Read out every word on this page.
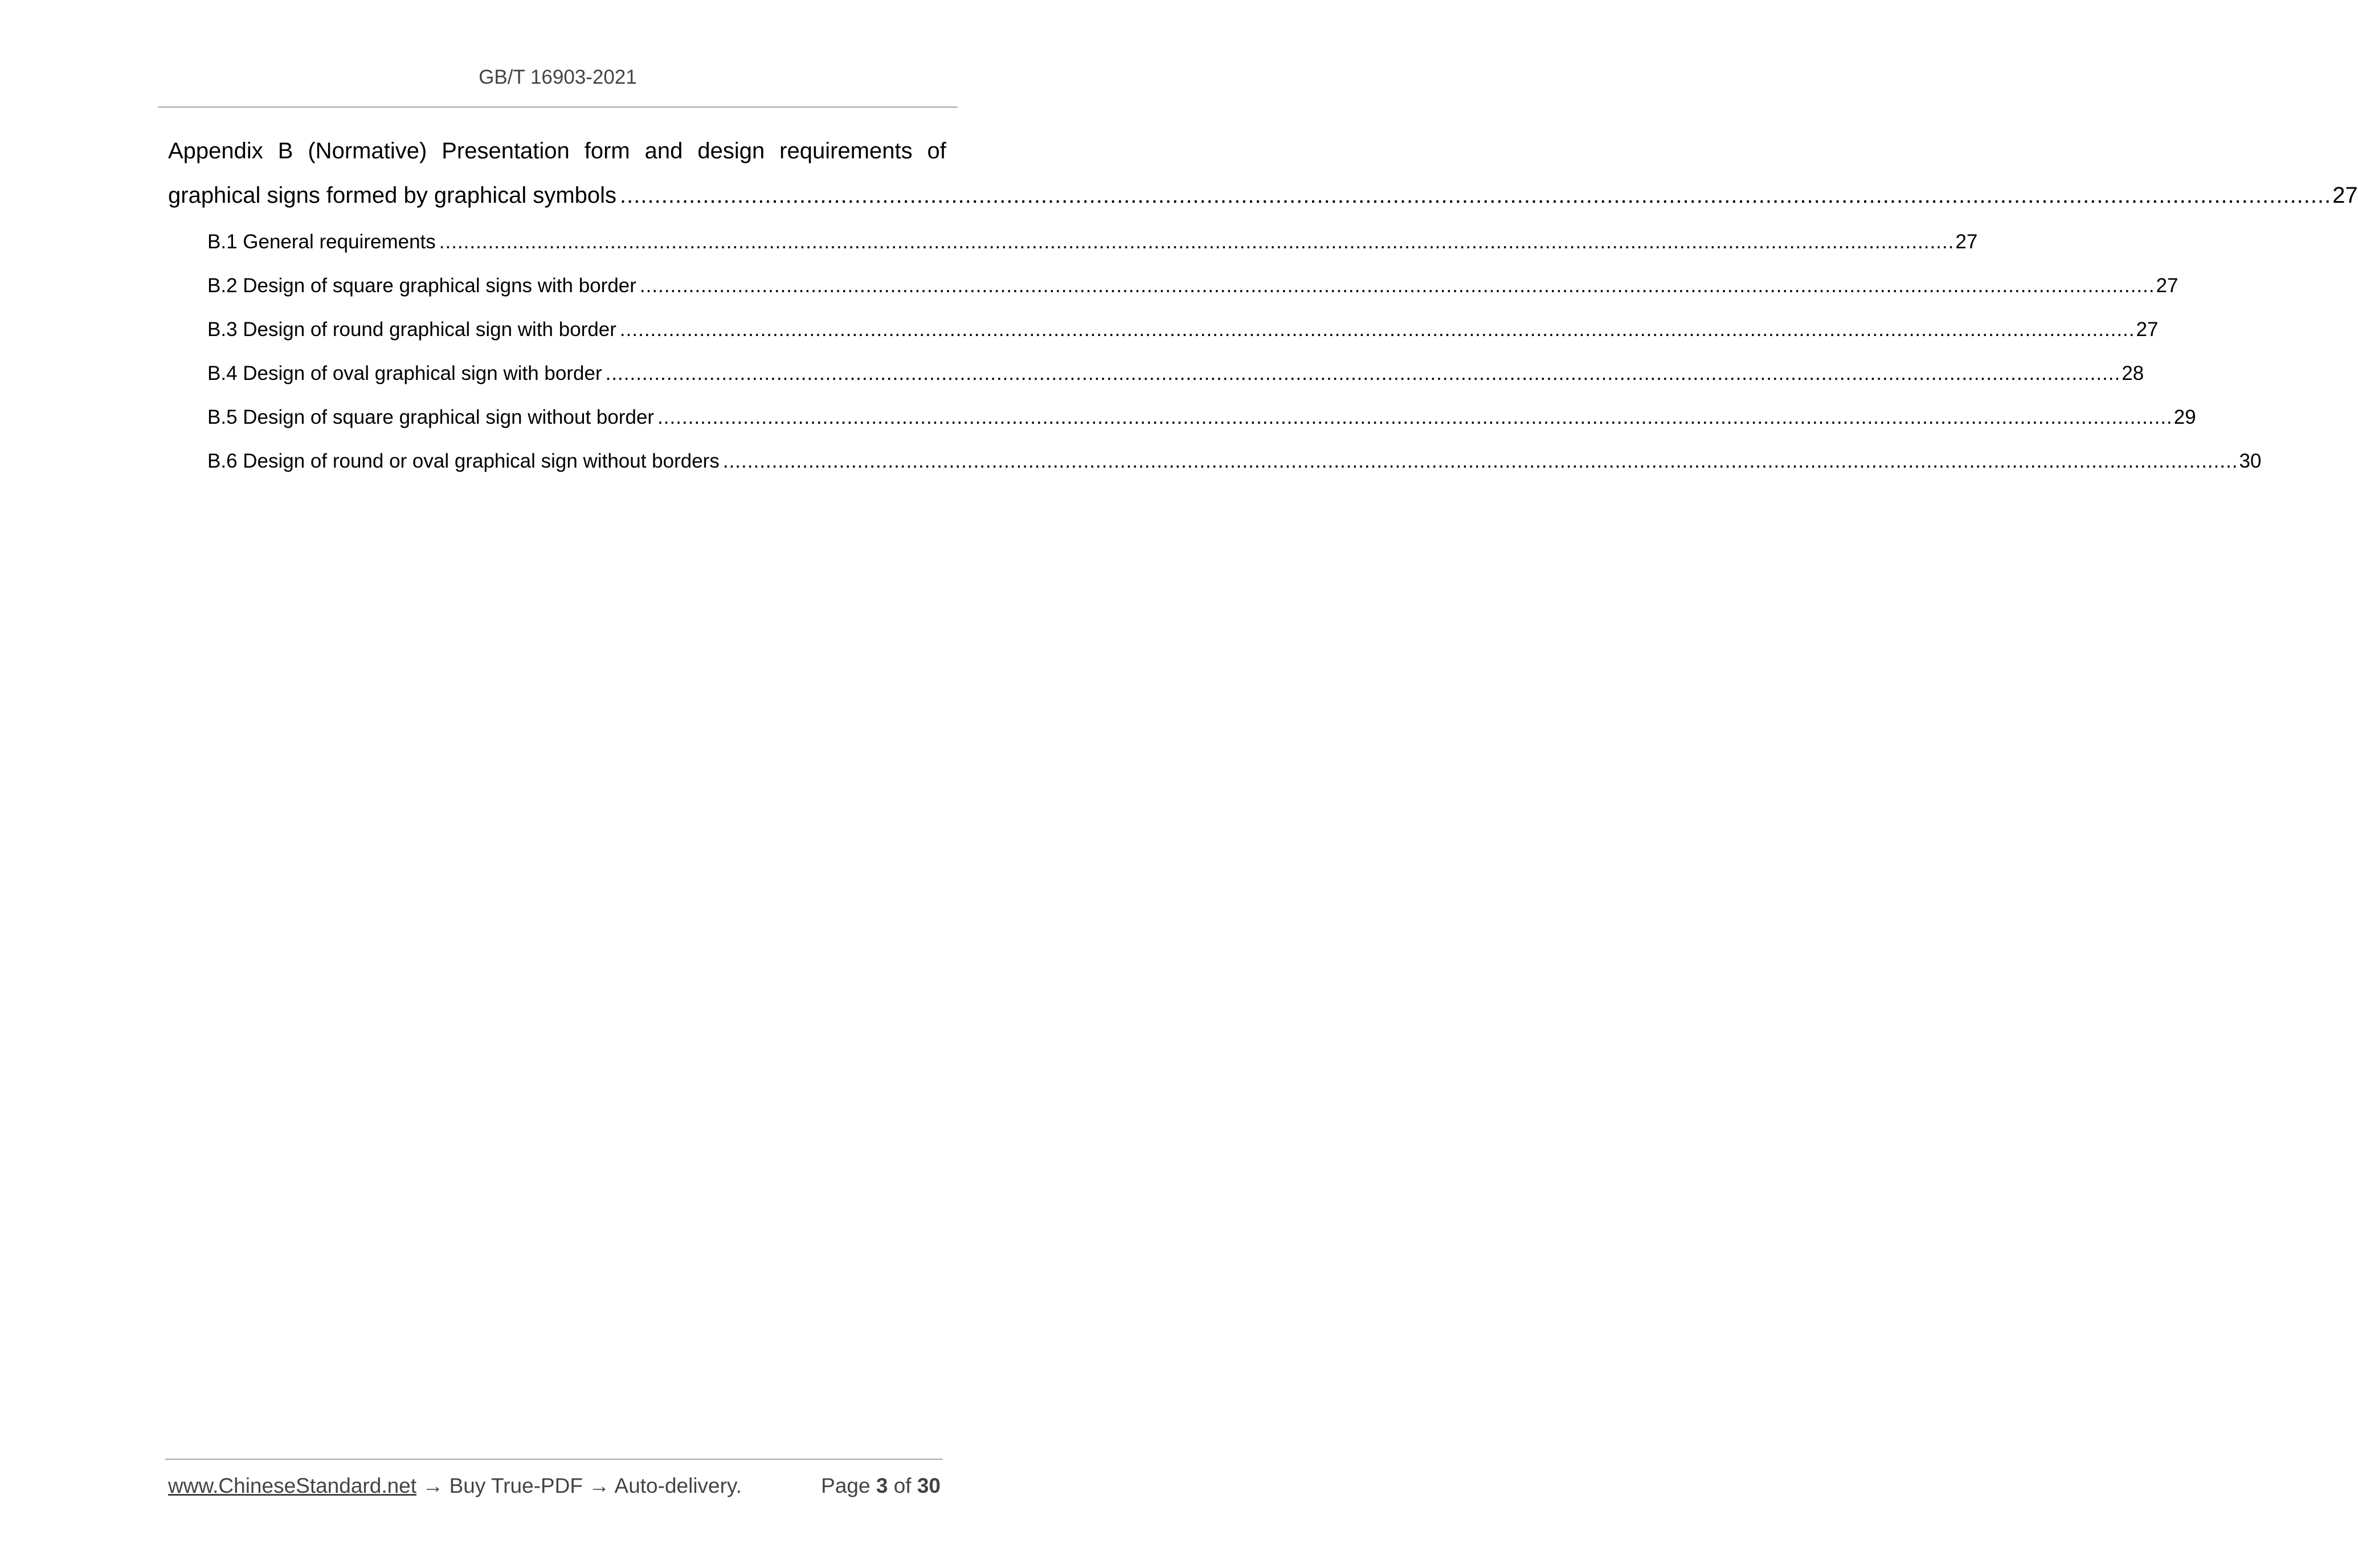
GB/T 16903-2021
Appendix B (Normative) Presentation form and design requirements of
graphical signs formed by graphical symbols ........................................................................................................................................................................................................................................................ 27
B.1 General requirements ........................................................................................................................................................................................................................................................ 27
B.2 Design of square graphical signs with border ........................................................................................................................................................................................................................................................ 27
B.3 Design of round graphical sign with border ........................................................................................................................................................................................................................................................ 27
B.4 Design of oval graphical sign with border ........................................................................................................................................................................................................................................................ 28
B.5 Design of square graphical sign without border ........................................................................................................................................................................................................................................................ 29
B.6 Design of round or oval graphical sign without borders ........................................................................................................................................................................................................................................................ 30
www.ChineseStandard.net → Buy True-PDF → Auto-delivery.	Page 3 of 30
